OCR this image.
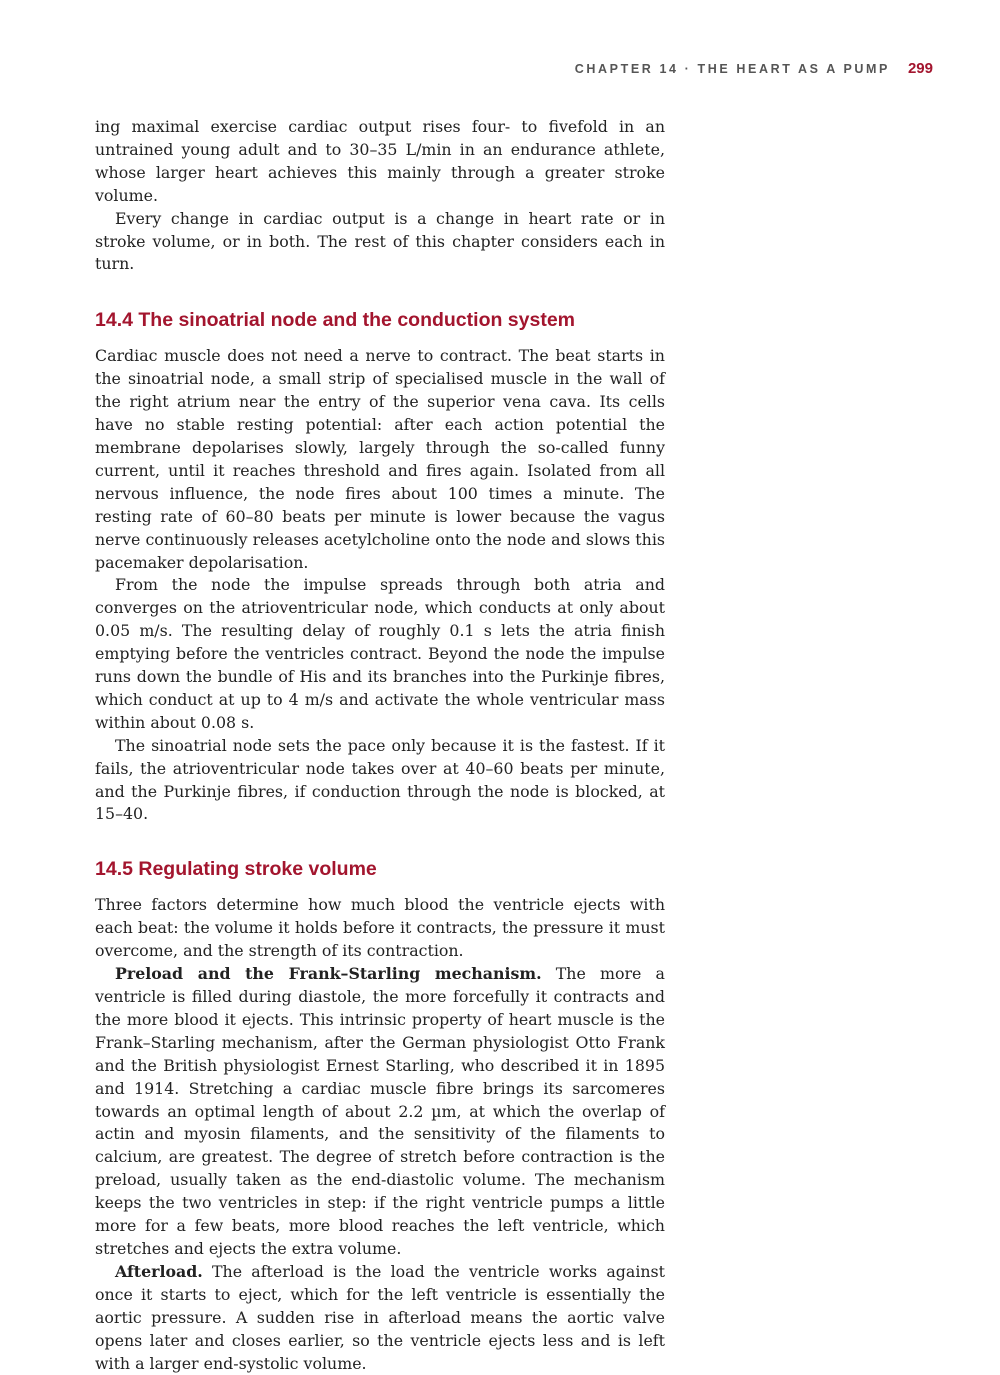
CHAPTER 14 · THE HEART AS A PUMP 299

ing maximal exercise cardiac output rises four- to fivefold in an untrained young adult and to 30–35 L/min in an endurance athlete, whose larger heart achieves this mainly through a greater stroke volume.

Every change in cardiac output is a change in heart rate or in stroke volume, or in both. The rest of this chapter considers each in turn.

14.4 The sinoatrial node and the conduction system

Cardiac muscle does not need a nerve to contract. The beat starts in the sinoatrial node, a small strip of specialised muscle in the wall of the right atrium near the entry of the superior vena cava. Its cells have no stable resting potential: after each action potential the membrane depolarises slowly, largely through the so-called funny current, until it reaches threshold and fires again. Isolated from all nervous influence, the node fires about 100 times a minute. The resting rate of 60–80 beats per minute is lower because the vagus nerve continuously releases acetylcholine onto the node and slows this pacemaker depolarisation.

From the node the impulse spreads through both atria and converges on the atrioventricular node, which conducts at only about 0.05 m/s. The resulting delay of roughly 0.1 s lets the atria finish emptying before the ventricles contract. Beyond the node the impulse runs down the bundle of His and its branches into the Purkinje fibres, which conduct at up to 4 m/s and activate the whole ventricular mass within about 0.08 s.

The sinoatrial node sets the pace only because it is the fastest. If it fails, the atrioventricular node takes over at 40–60 beats per minute, and the Purkinje fibres, if conduction through the node is blocked, at 15–40.

14.5 Regulating stroke volume

Three factors determine how much blood the ventricle ejects with each beat: the volume it holds before it contracts, the pressure it must overcome, and the strength of its contraction.

Preload and the Frank–Starling mechanism. The more a ventricle is filled during diastole, the more forcefully it contracts and the more blood it ejects. This intrinsic property of heart muscle is the Frank–Starling mechanism, after the German physiologist Otto Frank and the British physiologist Ernest Starling, who described it in 1895 and 1914. Stretching a cardiac muscle fibre brings its sarcomeres towards an optimal length of about 2.2 µm, at which the overlap of actin and myosin filaments, and the sensitivity of the filaments to calcium, are greatest. The degree of stretch before contraction is the preload, usually taken as the end-diastolic volume. The mechanism keeps the two ventricles in step: if the right ventricle pumps a little more for a few beats, more blood reaches the left ventricle, which stretches and ejects the extra volume.

Afterload. The afterload is the load the ventricle works against once it starts to eject, which for the left ventricle is essentially the aortic pressure. A sudden rise in afterload means the aortic valve opens later and closes earlier, so the ventricle ejects less and is left with a larger end-systolic volume.
